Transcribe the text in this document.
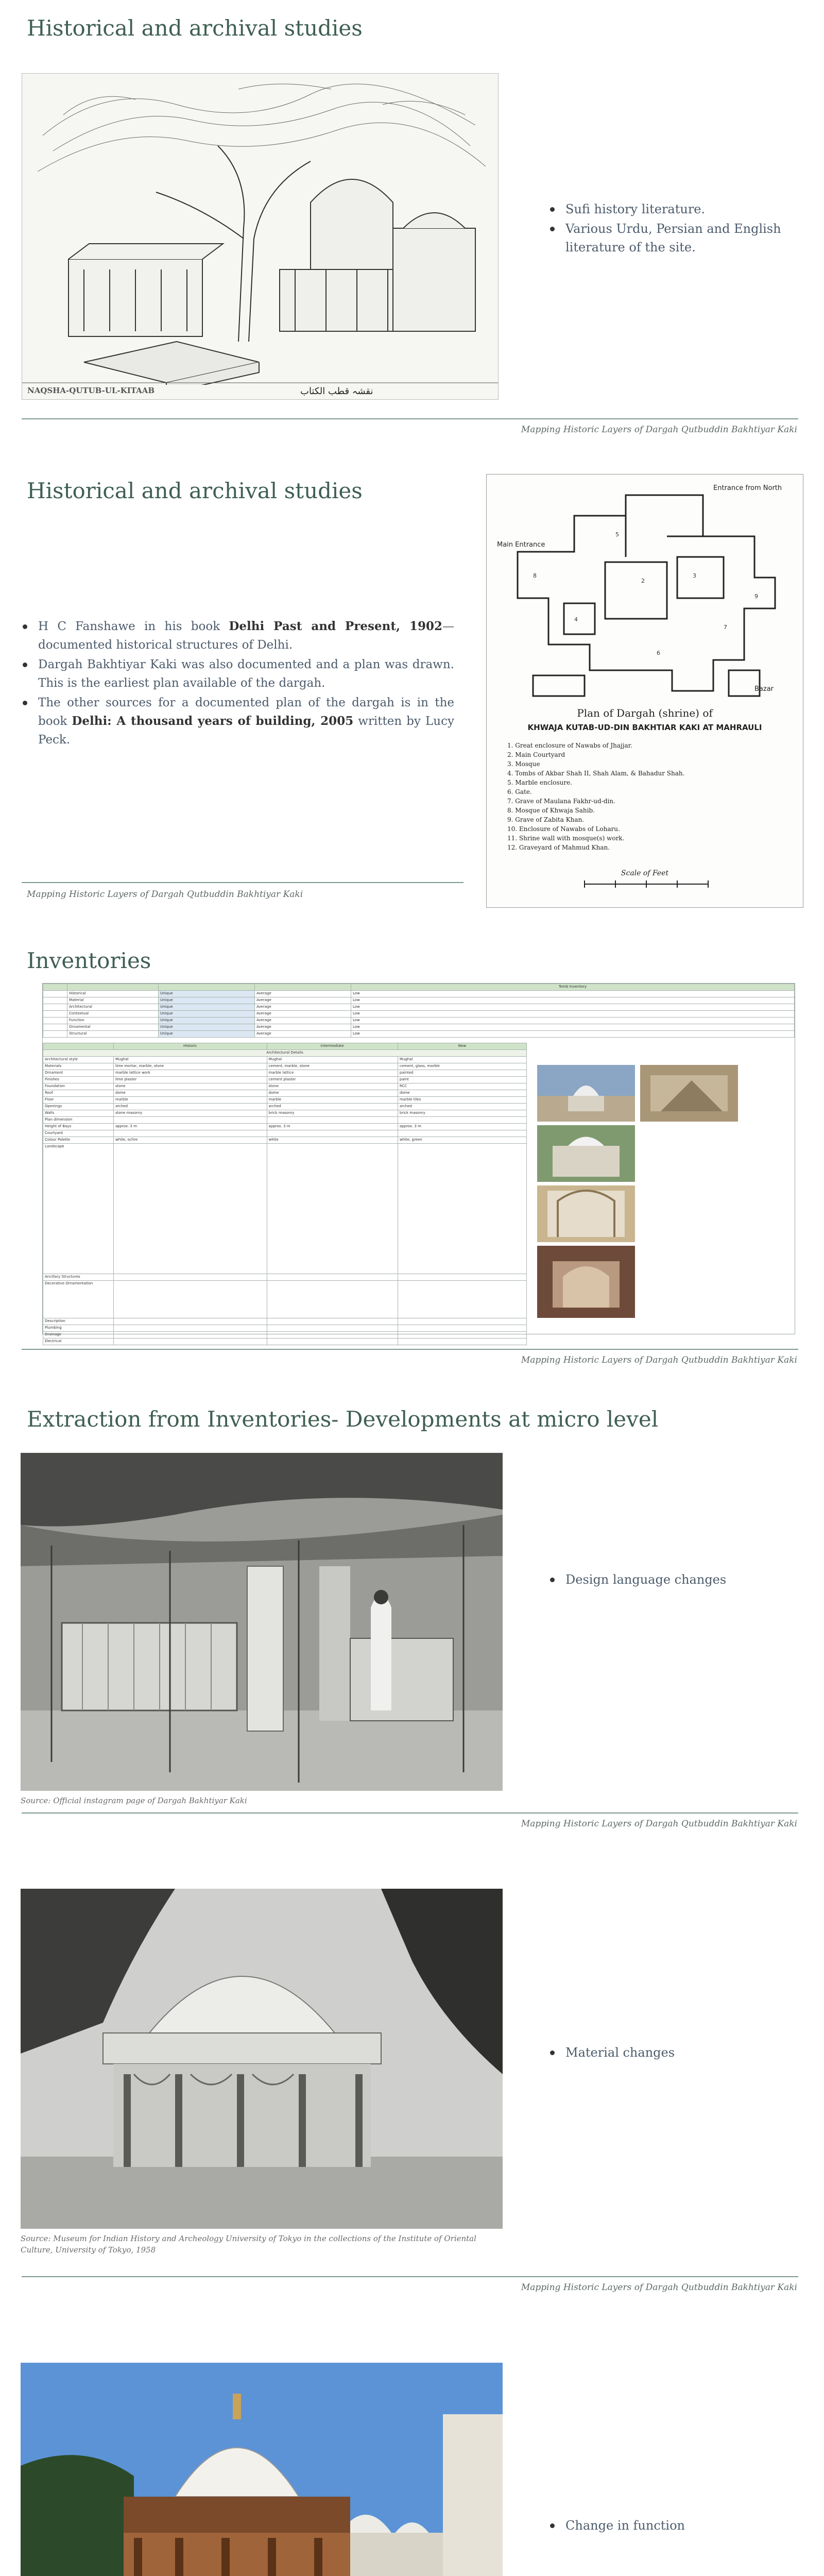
Historical and archival studies
نقشہ قطب الکتاب
NAQSHA-QUTUB-UL-KITAAB
Sufi history literature.
Various Urdu, Persian and English literature of the site.
Mapping Historic Layers of Dargah Qutbuddin Bakhtiyar Kaki
Historical and archival studies
H C Fanshawe in his book Delhi Past and Present, 1902— documented historical structures of Delhi.
Dargah Bakhtiyar Kaki was also documented and a plan was drawn. This is the earliest plan available of the dargah.
The other sources for a documented plan of the dargah is in the book Delhi: A thousand years of building, 2005 written by Lucy Peck.
Mapping Historic Layers of Dargah Qutbuddin Bakhtiyar Kaki
2
3
4
5
6
7
8
9
Entrance from North
Main Entrance
Bazar
Plan of Dargah (shrine) of
KHWAJA KUTAB-UD-DIN BAKHTIAR KAKI AT MAHRAULI
1. Great enclosure of Nawabs of Jhajjar.
2. Main Courtyard
3. Mosque
4. Tombs of Akbar Shah II, Shah Alam, & Bahadur Shah.
5. Marble enclosure.
6. Gate.
7. Grave of Maulana Fakhr-ud-din.
8. Mosque of Khwaja Sahib.
9. Grave of Zabita Khan.
10. Enclosure of Nawabs of Loharu.
11. Shrine wall with mosque(s) work.
12. Graveyard of Mahmud Khan.
Scale of Feet
Inventories
				Tomb Inventory
	Historical	Unique	Average	Low
	Material	Unique	Average	Low
	Architectural	Unique	Average	Low
	Contextual	Unique	Average	Low
	Function	Unique	Average	Low
	Ornamental	Unique	Average	Low
	Structural	Unique	Average	Low
	Historic	Intermediate	New
Architectural Details			
Architectural style	Mughal	Mughal	Mughal
Materials	lime mortar, marble, stone	cement, marble, stone	cement, glass, marble
Ornament	marble lattice work	marble lattice	painted
Finishes	lime plaster	cement plaster	paint
Foundation	stone	stone	RCC
Roof	dome	dome	dome
Floor	marble	marble	marble tiles
Openings	arched	arched	arched
Walls	stone masonry	brick masonry	brick masonry
Plan dimension			
Height of Bays	approx. 3 m	approx. 3 m	approx. 3 m
Courtyard			
Colour Palette	white, ochre	white	white, green
Landscape			
Ancillary Structures			
Decorative Ornamentation			
Description			
Plumbing			
Drainage			
Electrical			
Mapping Historic Layers of Dargah Qutbuddin Bakhtiyar Kaki
Extraction from Inventories- Developments at micro level
Design language changes
Source: Official instagram page of Dargah Bakhtiyar Kaki
Mapping Historic Layers of Dargah Qutbuddin Bakhtiyar Kaki
Material changes
Source: Museum for Indian History and Archeology University of Tokyo in the collections of the Institute of Oriental
Culture, University of Tokyo, 1958
Mapping Historic Layers of Dargah Qutbuddin Bakhtiyar Kaki
Change in function
